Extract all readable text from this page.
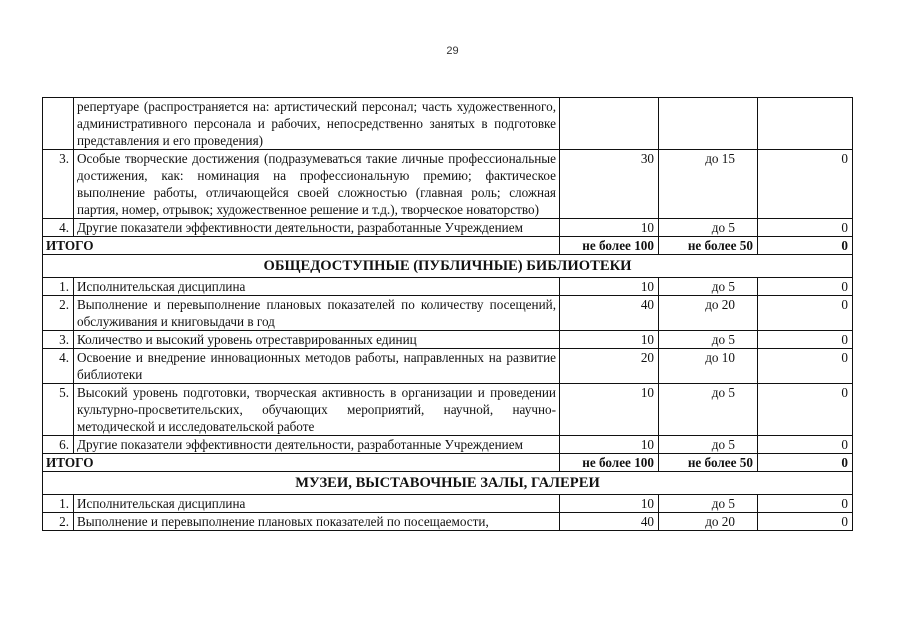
29
	репертуаре (распространяется на: артистический персонал; часть художественного, административного персонала и рабочих, непосредственно занятых в подготовке представления и его проведения)			
3.	Особые творческие достижения (подразумеваться такие личные профессиональные достижения, как: номинация на профессиональную премию; фактическое выполнение работы, отличающейся своей сложностью (главная роль; сложная партия, номер, отрывок; художественное решение и т.д.), творческое новаторство)	30	до 15	0
4.	Другие показатели эффективности деятельности, разработанные Учреждением	10	до 5	0
ИТОГО		не более 100	не более 50	0
ОБЩЕДОСТУПНЫЕ (ПУБЛИЧНЫЕ) БИБЛИОТЕКИ				
1.	Исполнительская дисциплина	10	до 5	0
2.	Выполнение и перевыполнение плановых показателей по количеству посещений, обслуживания и книговыдачи в год	40	до 20	0
3.	Количество и высокий уровень отреставрированных единиц	10	до 5	0
4.	Освоение и внедрение инновационных методов работы, направленных на развитие библиотеки	20	до 10	0
5.	Высокий уровень подготовки, творческая активность в организации и проведении культурно-просветительских, обучающих мероприятий, научной, научно-методической и исследовательской работе	10	до 5	0
6.	Другие показатели эффективности деятельности, разработанные Учреждением	10	до 5	0
ИТОГО		не более 100	не более 50	0
МУЗЕИ, ВЫСТАВОЧНЫЕ ЗАЛЫ, ГАЛЕРЕИ				
1.	Исполнительская дисциплина	10	до 5	0
2.	Выполнение и перевыполнение плановых показателей по посещаемости,	40	до 20	0
